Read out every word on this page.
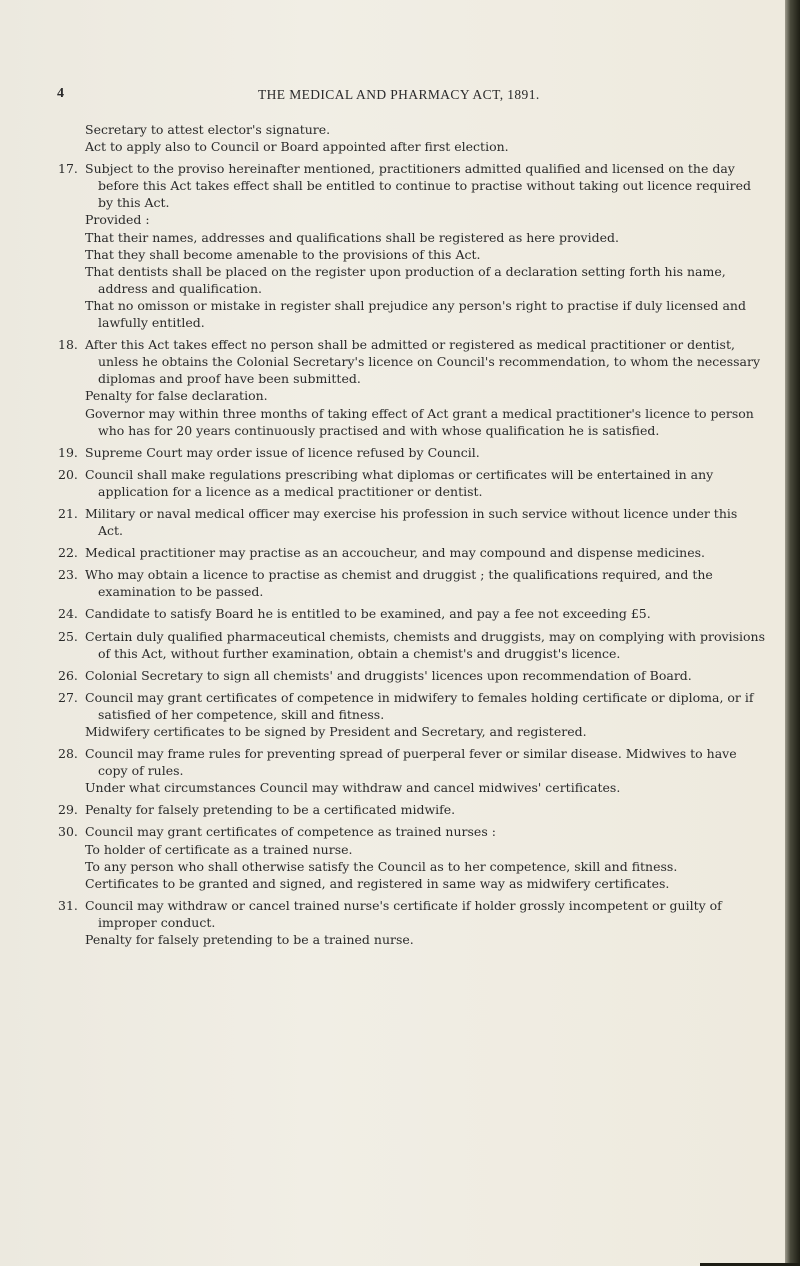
4	THE MEDICAL AND PHARMACY ACT, 1891.
Secretary to attest elector's signature.
Act to apply also to Council or Board appointed after first election.
17. Subject to the proviso hereinafter mentioned, practitioners admitted qualified and licensed on the day before this Act takes effect shall be entitled to continue to practise without taking out licence required by this Act.
Provided :
That their names, addresses and qualifications shall be registered as here provided.
That they shall become amenable to the provisions of this Act.
That dentists shall be placed on the register upon production of a declaration setting forth his name, address and qualification.
That no omisson or mistake in register shall prejudice any person's right to practise if duly licensed and lawfully entitled.
18. After this Act takes effect no person shall be admitted or registered as medical practitioner or dentist, unless he obtains the Colonial Secretary's licence on Council's recommendation, to whom the necessary diplomas and proof have been submitted.
Penalty for false declaration.
Governor may within three months of taking effect of Act grant a medical practitioner's licence to person who has for 20 years continuously practised and with whose qualification he is satisfied.
19. Supreme Court may order issue of licence refused by Council.
20. Council shall make regulations prescribing what diplomas or certificates will be entertained in any application for a licence as a medical practitioner or dentist.
21. Military or naval medical officer may exercise his profession in such service without licence under this Act.
22. Medical practitioner may practise as an accoucheur, and may compound and dispense medicines.
23. Who may obtain a licence to practise as chemist and druggist ; the qualifications required, and the examination to be passed.
24. Candidate to satisfy Board he is entitled to be examined, and pay a fee not exceeding £5.
25. Certain duly qualified pharmaceutical chemists, chemists and druggists, may on complying with provisions of this Act, without further examination, obtain a chemist's and druggist's licence.
26. Colonial Secretary to sign all chemists' and druggists' licences upon recommendation of Board.
27. Council may grant certificates of competence in midwifery to females holding certificate or diploma, or if satisfied of her competence, skill and fitness.
Midwifery certificates to be signed by President and Secretary, and registered.
28. Council may frame rules for preventing spread of puerperal fever or similar disease. Midwives to have copy of rules.
Under what circumstances Council may withdraw and cancel midwives' certificates.
29. Penalty for falsely pretending to be a certificated midwife.
30. Council may grant certificates of competence as trained nurses :
To holder of certificate as a trained nurse.
To any person who shall otherwise satisfy the Council as to her competence, skill and fitness.
Certificates to be granted and signed, and registered in same way as midwifery certificates.
31. Council may withdraw or cancel trained nurse's certificate if holder grossly incompetent or guilty of improper conduct.
Penalty for falsely pretending to be a trained nurse.
